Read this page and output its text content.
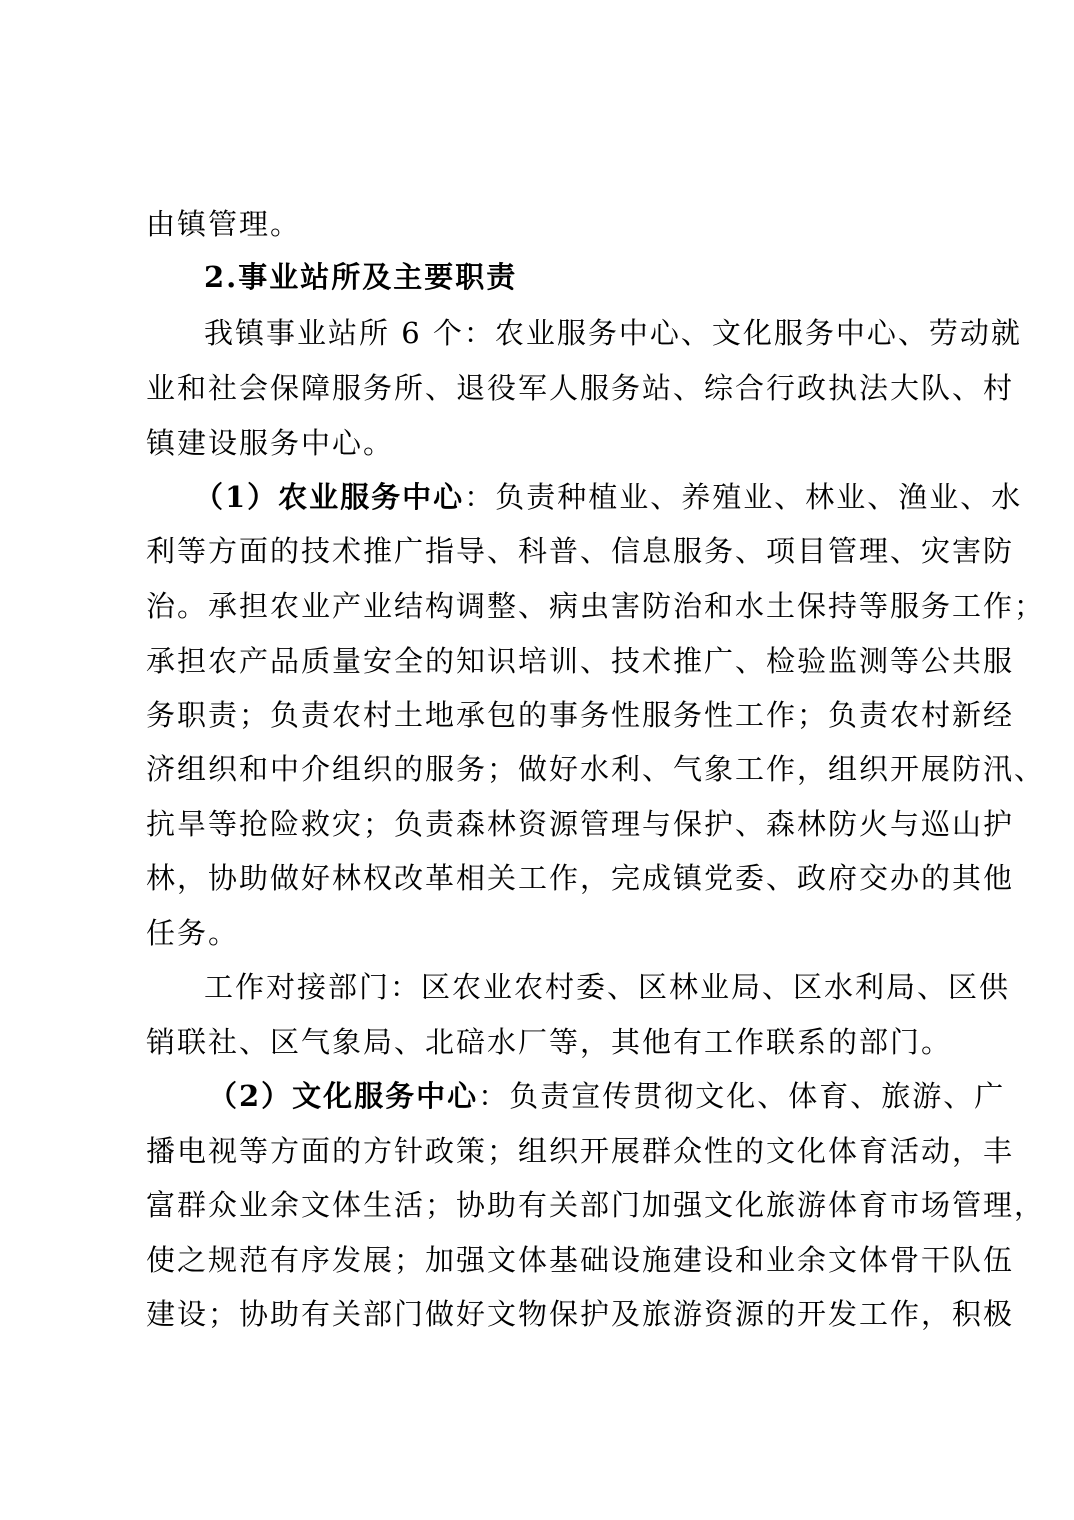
由镇管理。
2.事业站所及主要职责
我镇事业站所 6 个：农业服务中心、文化服务中心、劳动就
业和社会保障服务所、退役军人服务站、综合行政执法大队、村
镇建设服务中心。
（1）农业服务中心：负责种植业、养殖业、林业、渔业、水
利等方面的技术推广指导、科普、信息服务、项目管理、灾害防
治。承担农业产业结构调整、病虫害防治和水土保持等服务工作；
承担农产品质量安全的知识培训、技术推广、检验监测等公共服
务职责；负责农村土地承包的事务性服务性工作；负责农村新经
济组织和中介组织的服务；做好水利、气象工作，组织开展防汛、
抗旱等抢险救灾；负责森林资源管理与保护、森林防火与巡山护
林，协助做好林权改革相关工作，完成镇党委、政府交办的其他
任务。
工作对接部门：区农业农村委、区林业局、区水利局、区供
销联社、区气象局、北碚水厂等，其他有工作联系的部门。
（2）文化服务中心：负责宣传贯彻文化、体育、旅游、广
播电视等方面的方针政策；组织开展群众性的文化体育活动，丰
富群众业余文体生活；协助有关部门加强文化旅游体育市场管理，
使之规范有序发展；加强文体基础设施建设和业余文体骨干队伍
建设；协助有关部门做好文物保护及旅游资源的开发工作，积极
